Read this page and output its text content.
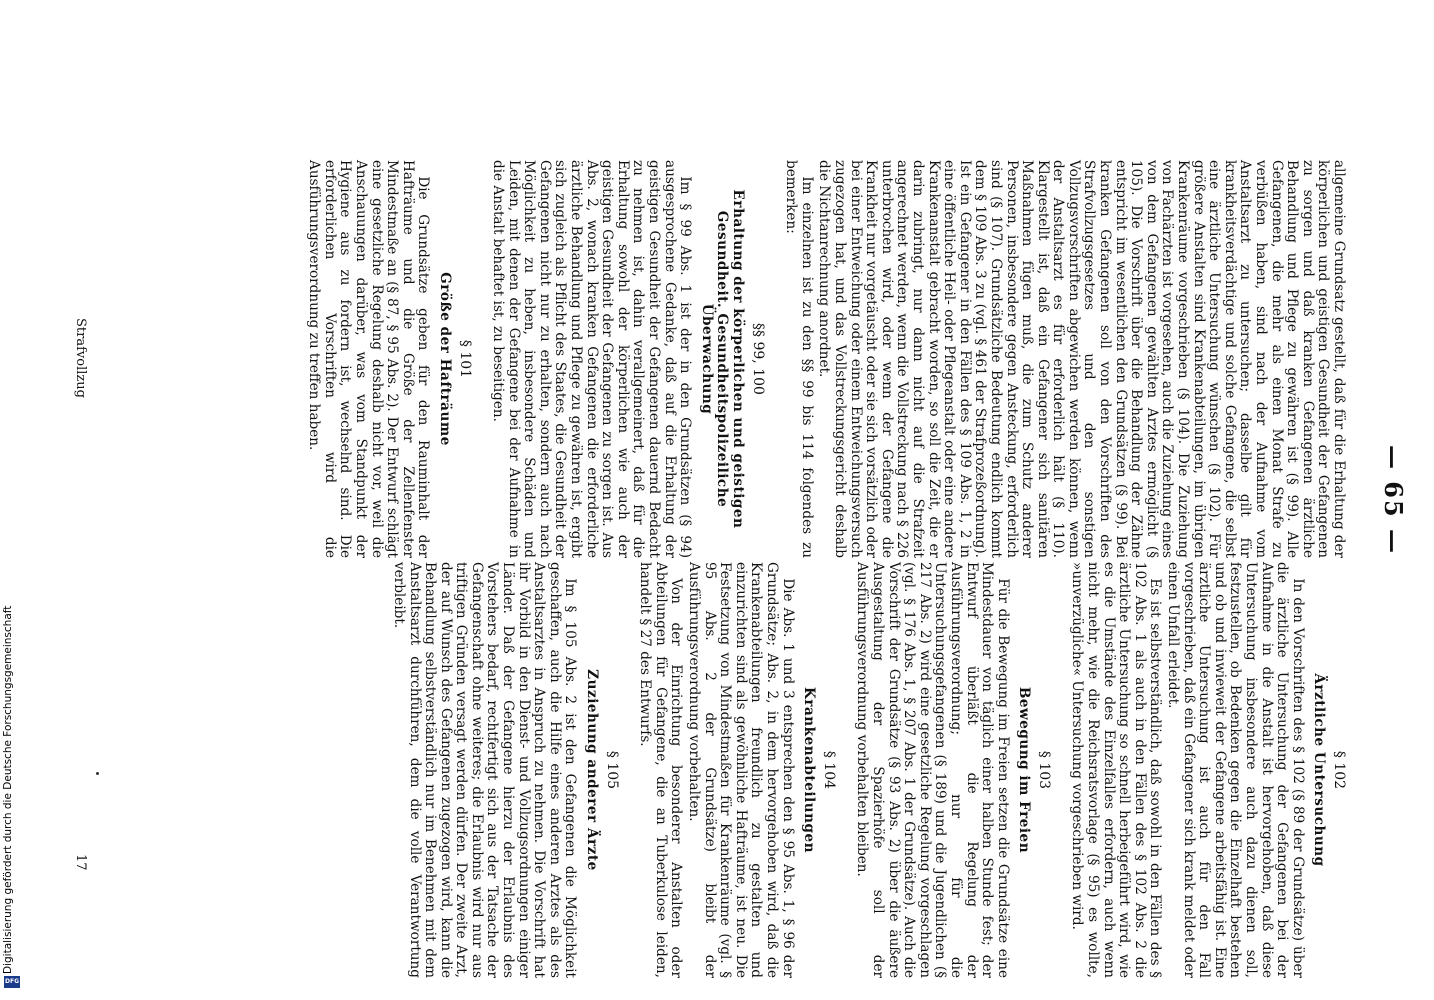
— 65 —

allgemeine Grundsatz gestellt, daß für die Erhaltung der körperlichen und geistigen Gesundheit der Gefangenen zu sorgen und daß kranken Gefangenen ärztliche Behandlung und Pflege zu gewähren ist (§ 99). Alle Gefangenen, die mehr als einen Monat Strafe zu verbüßen haben, sind nach der Aufnahme vom Anstaltsarzt zu untersuchen; dasselbe gilt für krankheitsverdächtige und solche Gefangene, die selbst eine ärztliche Untersuchung wünschen (§ 102). Für größere Anstalten sind Krankenabteilungen, im übrigen Krankenräume vorgeschrieben (§ 104). Die Zuziehung von Fachärzten ist vorgesehen, auch die Zuziehung eines von dem Gefangenen gewählten Arztes ermöglicht (§ 105). Die Vorschrift über die Behandlung der Zähne entspricht im wesentlichen den Grundsätzen (§ 99). Bei kranken Gefangenen soll von den Vorschriften des Strafvollzugsgesetzes und den sonstigen Vollzugsvorschriften abgewichen werden können, wenn der Anstaltsarzt es für erforderlich hält (§ 110). Klargestellt ist, daß ein Gefangener sich sanitären Maßnahmen fügen muß, die zum Schutz anderer Personen, insbesondere gegen Ansteckung, erforderlich sind (§ 107). Grundsätzliche Bedeutung endlich kommt dem § 109 Abs. 3 zu (vgl. § 461 der Strafprozeßordnung). Ist ein Gefangener in den Fällen des § 109 Abs. 1, 2 in eine öffentliche Heil- oder Pflegeanstalt oder eine andere Krankenanstalt gebracht worden, so soll die Zeit, die er darin zubringt, nur dann nicht auf die Strafzeit angerechnet werden, wenn die Vollstreckung nach § 226 unterbrochen wird, oder wenn der Gefangene die Krankheit nur vorgetäuscht oder sie sich vorsätzlich oder bei einer Entweichung oder einem Entweichungsversuch zugezogen hat, und das Vollstreckungsgericht deshalb die Nichtanrechnung anordnet.

Im einzelnen ist zu den §§ 99 bis 114 folgendes zu bemerken:

§§ 99, 100
Erhaltung der körperlichen und geistigen Gesundheit. Gesundheitspolizeiliche Überwachung

Im § 99 Abs. 1 ist der in den Grundsätzen (§ 94) ausgesprochene Gedanke, daß auf die Erhaltung der geistigen Gesundheit der Gefangenen dauernd Bedacht zu nehmen ist, dahin verallgemeinert, daß für die Erhaltung sowohl der körperlichen wie auch der geistigen Gesundheit der Gefangenen zu sorgen ist. Aus Abs. 2, wonach kranken Gefangenen die erforderliche ärztliche Behandlung und Pflege zu gewähren ist, ergibt sich zugleich als Pflicht des Staates, die Gesundheit der Gefangenen nicht nur zu erhalten, sondern auch nach Möglichkeit zu heben, insbesondere Schäden und Leiden, mit denen der Gefangene bei der Aufnahme in die Anstalt behaftet ist, zu beseitigen.

§ 101
Größe der Hafträume

Die Grundsätze geben für den Rauminhalt der Hafträume und die Größe der Zellenfenster Mindestmaße an (§ 87, § 95 Abs. 2). Der Entwurf schlägt eine gesetzliche Regelung deshalb nicht vor, weil die Anschauungen darüber, was vom Standpunkt der Hygiene aus zu fordern ist, wechselnd sind. Die erforderlichen Vorschriften wird die Ausführungsverordnung zu treffen haben.

§ 102
Ärztliche Untersuchung

In den Vorschriften des § 102 (§ 89 der Grundsätze) über die ärztliche Untersuchung der Gefangenen bei der Aufnahme in die Anstalt ist hervorgehoben, daß diese Untersuchung insbesondere auch dazu dienen soll, festzustellen, ob Bedenken gegen die Einzelhaft bestehen und ob und inwieweit der Gefangene arbeitsfähig ist. Eine ärztliche Untersuchung ist auch für den Fall vorgeschrieben, daß ein Gefangener sich krank meldet oder einen Unfall erleidet.

Es ist selbstverständlich, daß sowohl in den Fällen des § 102 Abs. 1 als auch in den Fällen des § 102 Abs. 2 die ärztliche Untersuchung so schnell herbeigeführt wird, wie es die Umstände des Einzelfalles erfordern, auch wenn nicht mehr, wie die Reichsratsvorlage (§ 95) es wollte, »unverzügliche« Untersuchung vorgeschrieben wird.

§ 103
Bewegung im Freien

Für die Bewegung im Freien setzen die Grundsätze eine Mindestdauer von täglich einer halben Stunde fest; der Entwurf überläßt die Regelung der Ausführungsverordnung; nur für die Untersuchungsgefangenen (§ 189) und die Jugendlichen (§ 217 Abs. 2) wird eine gesetzliche Regelung vorgeschlagen (vgl. § 176 Abs. 1, § 207 Abs. 1 der Grundsätze). Auch die Vorschrift der Grundsätze (§ 93 Abs. 2) über die äußere Ausgestaltung der Spazierhöfe soll der Ausführungsverordnung vorbehalten bleiben.

§ 104
Krankenabteilungen

Die Abs. 1 und 3 entsprechen den § 95 Abs. 1, § 96 der Grundsätze; Abs. 2, in dem hervorgehoben wird, daß die Krankenabteilungen freundlich zu gestalten und einzurichten sind als gewöhnliche Hafträume, ist neu. Die Festsetzung von Mindestmaßen für Krankenräume (vgl. § 95 Abs. 2 der Grundsätze) bleibt der Ausführungsverordnung vorbehalten.

Von der Einrichtung besonderer Anstalten oder Abteilungen für Gefangene, die an Tuberkulose leiden, handelt § 27 des Entwurfs.

§ 105
Zuziehung anderer Ärzte

Im § 105 Abs. 2 ist den Gefangenen die Möglichkeit geschaffen, auch die Hilfe eines anderen Arztes als des Anstaltsarztes in Anspruch zu nehmen. Die Vorschrift hat ihr Vorbild in den Dienst- und Vollzugsordnungen einiger Länder. Daß der Gefangene hierzu der Erlaubnis des Vorstehers bedarf, rechtfertigt sich aus der Tatsache der Gefangenschaft ohne weiteres; die Erlaubnis wird nur aus triftigen Gründen versagt werden dürfen. Der zweite Arzt, der auf Wunsch des Gefangenen zugezogen wird, kann die Behandlung selbstverständlich nur im Benehmen mit dem Anstaltsarzt durchführen, dem die volle Verantwortung verbleibt.

Strafvollzug
17
Digitalisierung gefördert durch die Deutsche Forschungsgemeinschaft
DFG
